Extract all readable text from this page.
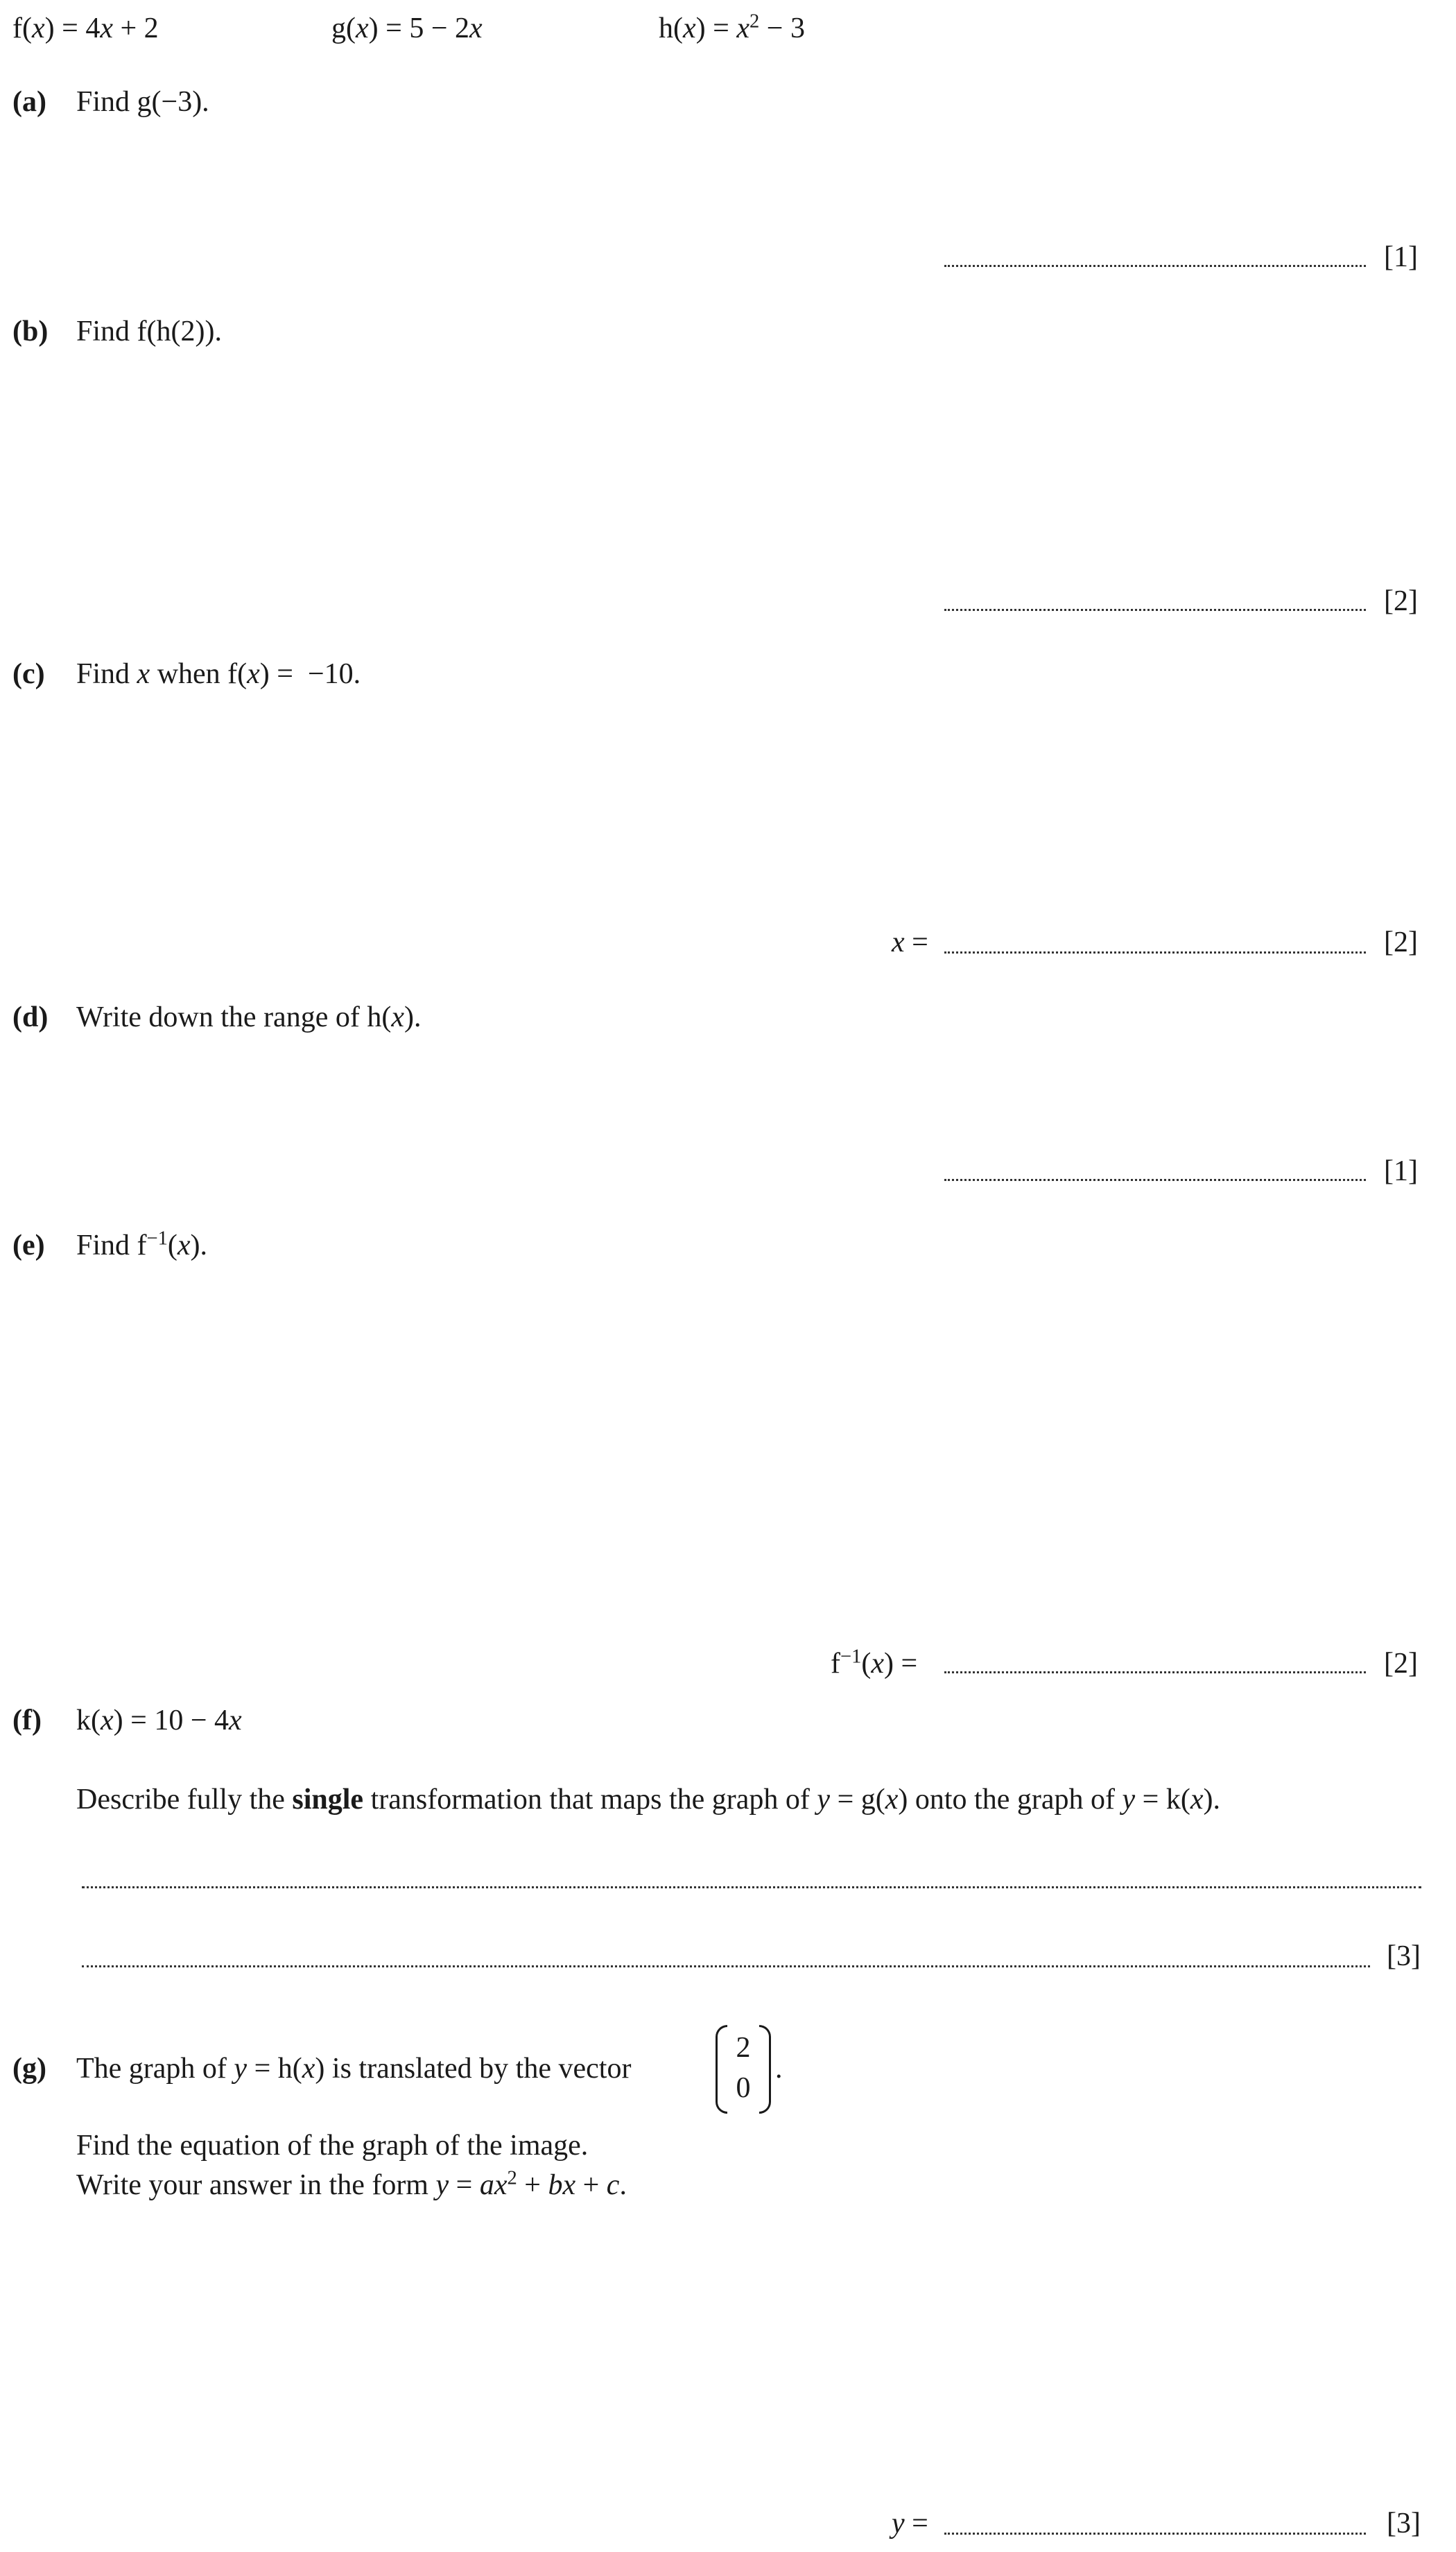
f(x) = 4x + 2	g(x) = 5 − 2x	$h(x) = x^2 - 3$
(a) Find g(−3).
[1]
(b) Find f(h(2)).
[2]
(c) Find x when f(x) =  −10.
x =	[2]
(d) Write down the range of h(x).
[1]
(e) Find $f^{-1}(x)$.
$f^{-1}(x)$ =	[2]
(f) k(x) = 10 − 4x
Describe fully the single transformation that maps the graph of y = g(x) onto the graph of y = k(x).
[3]
(g) The graph of y = h(x) is translated by the vector
2
0
.
Find the equation of the graph of the image.
Write your answer in the form $y = ax^2$ + bx + c.
y =	[3]
